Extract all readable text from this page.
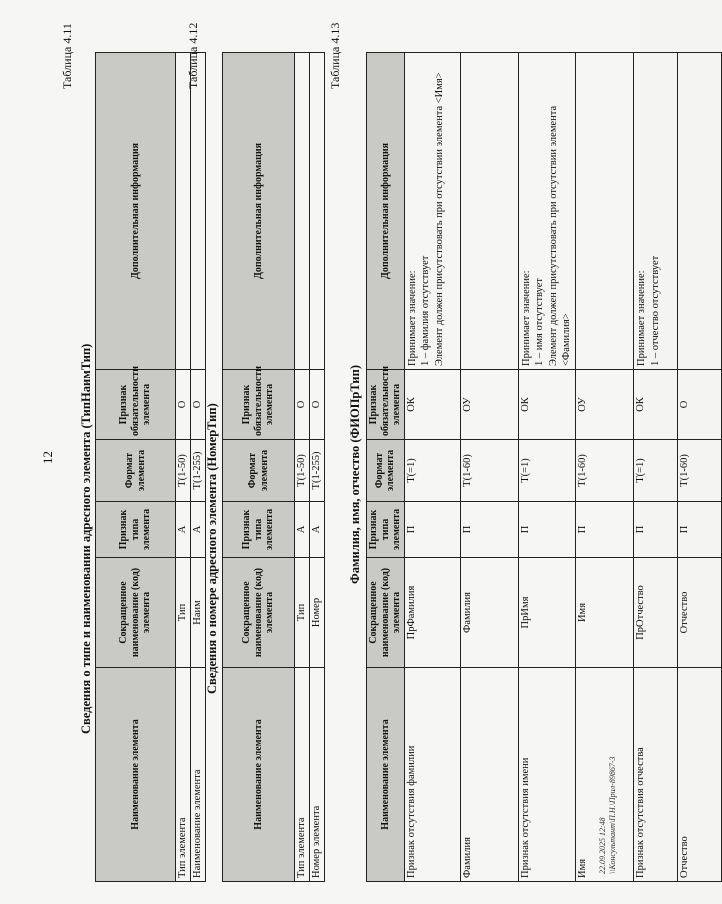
12
Таблица 4.11
Сведения о типе и наименовании адресного элемента (ТипНаимТип)
Наименование элемента	Сокращенное наименование (код) элемента	Признак типа элемента	Формат элемента	Признак обязательности элемента	Дополнительная информация
Тип элемента	Тип	А	T(1-50)	О	
Наименование элемента	Наим	А	T(1-255)	О	
Таблица 4.12
Сведения о номере адресного элемента (НомерТип)
Наименование элемента	Сокращенное наименование (код) элемента	Признак типа элемента	Формат элемента	Признак обязательности элемента	Дополнительная информация
Тип элемента	Тип	А	T(1-50)	О	
Номер элемента	Номер	А	T(1-255)	О	
Таблица 4.13
Фамилия, имя, отчество (ФИОПрТип)
Наименование элемента	Сокращенное наименование (код) элемента	Признак типа элемента	Формат элемента	Признак обязательности элемента	Дополнительная информация
Признак отсутствия фамилии	ПрФамилия	П	T(=1)	ОК	Принимает значение: 1 – фамилия отсутствует Элемент должен присутствовать при отсутствии элемента <Имя>

Фамилия	Фамилия	П	T(1-60)	ОУ	
Признак отсутствия имени	ПрИмя	П	T(=1)	ОК	Принимает значение: 1 – имя отсутствует Элемент должен присутствовать при отсутствии элемента <Фамилия>

Имя	Имя	П	T(1-60)	ОУ	
Признак отсутствия отчества	ПрОтчество	П	T(=1)	ОК	Принимает значение: 1 – отчество отсутствует

Отчество	Отчество	П	T(1-60)	О	
22.09.2025 12:48 \\Консультант\П.Н.\Прил-89867-3
